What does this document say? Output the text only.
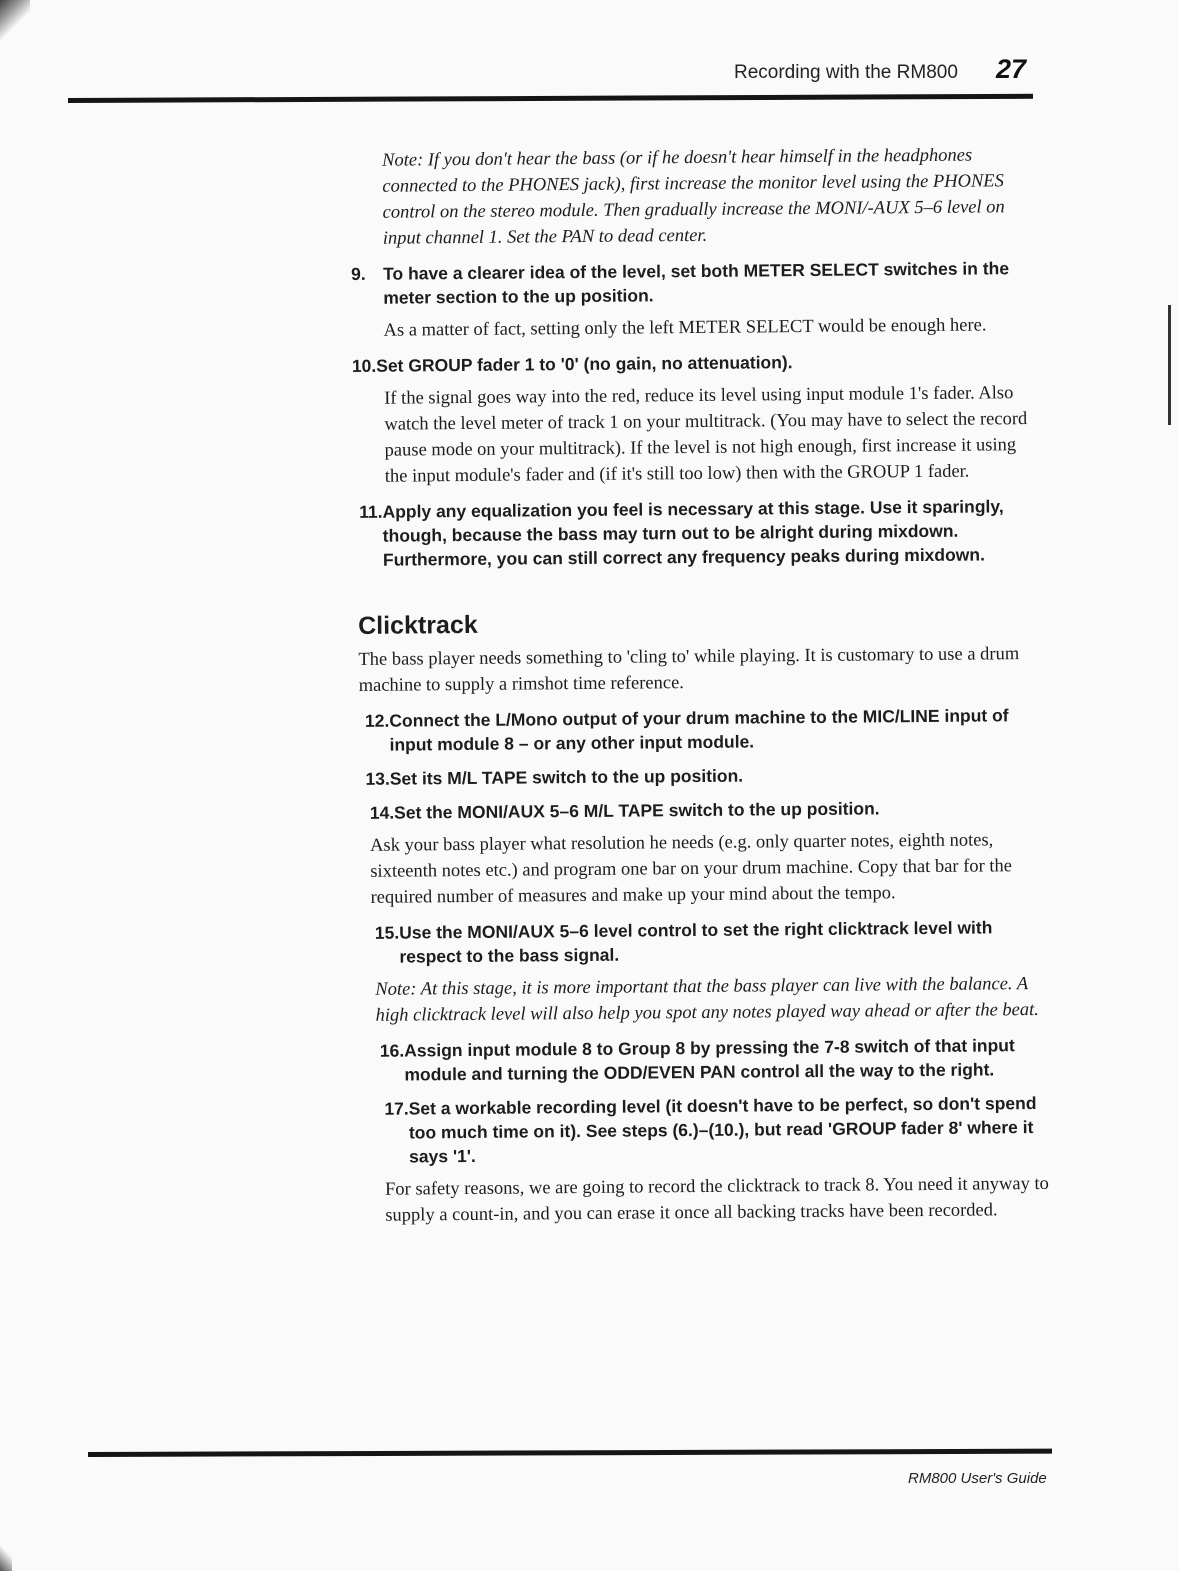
Recording with the RM800 27

Note: If you don't hear the bass (or if he doesn't hear himself in the headphones connected to the PHONES jack), first increase the monitor level using the PHONES control on the stereo module. Then gradually increase the MONI/-AUX 5–6 level on input channel 1. Set the PAN to dead center.

9. To have a clearer idea of the level, set both METER SELECT switches in the meter section to the up position.

As a matter of fact, setting only the left METER SELECT would be enough here.

10. Set GROUP fader 1 to '0' (no gain, no attenuation).

If the signal goes way into the red, reduce its level using input module 1's fader. Also watch the level meter of track 1 on your multitrack. (You may have to select the record pause mode on your multitrack). If the level is not high enough, first increase it using the input module's fader and (if it's still too low) then with the GROUP 1 fader.

11. Apply any equalization you feel is necessary at this stage. Use it sparingly, though, because the bass may turn out to be alright during mixdown. Furthermore, you can still correct any frequency peaks during mixdown.
Clicktrack

The bass player needs something to 'cling to' while playing. It is customary to use a drum machine to supply a rimshot time reference.

12. Connect the L/Mono output of your drum machine to the MIC/LINE input of input module 8 – or any other input module.
13. Set its M/L TAPE switch to the up position.
14. Set the MONI/AUX 5–6 M/L TAPE switch to the up position.

Ask your bass player what resolution he needs (e.g. only quarter notes, eighth notes, sixteenth notes etc.) and program one bar on your drum machine. Copy that bar for the required number of measures and make up your mind about the tempo.

15. Use the MONI/AUX 5–6 level control to set the right clicktrack level with respect to the bass signal.

Note: At this stage, it is more important that the bass player can live with the balance. A high clicktrack level will also help you spot any notes played way ahead or after the beat.

16. Assign input module 8 to Group 8 by pressing the 7-8 switch of that input module and turning the ODD/EVEN PAN control all the way to the right.
17. Set a workable recording level (it doesn't have to be perfect, so don't spend too much time on it). See steps (6.)–(10.), but read 'GROUP fader 8' where it says '1'.

For safety reasons, we are going to record the clicktrack to track 8. You need it anyway to supply a count-in, and you can erase it once all backing tracks have been recorded.

RM800 User's Guide
